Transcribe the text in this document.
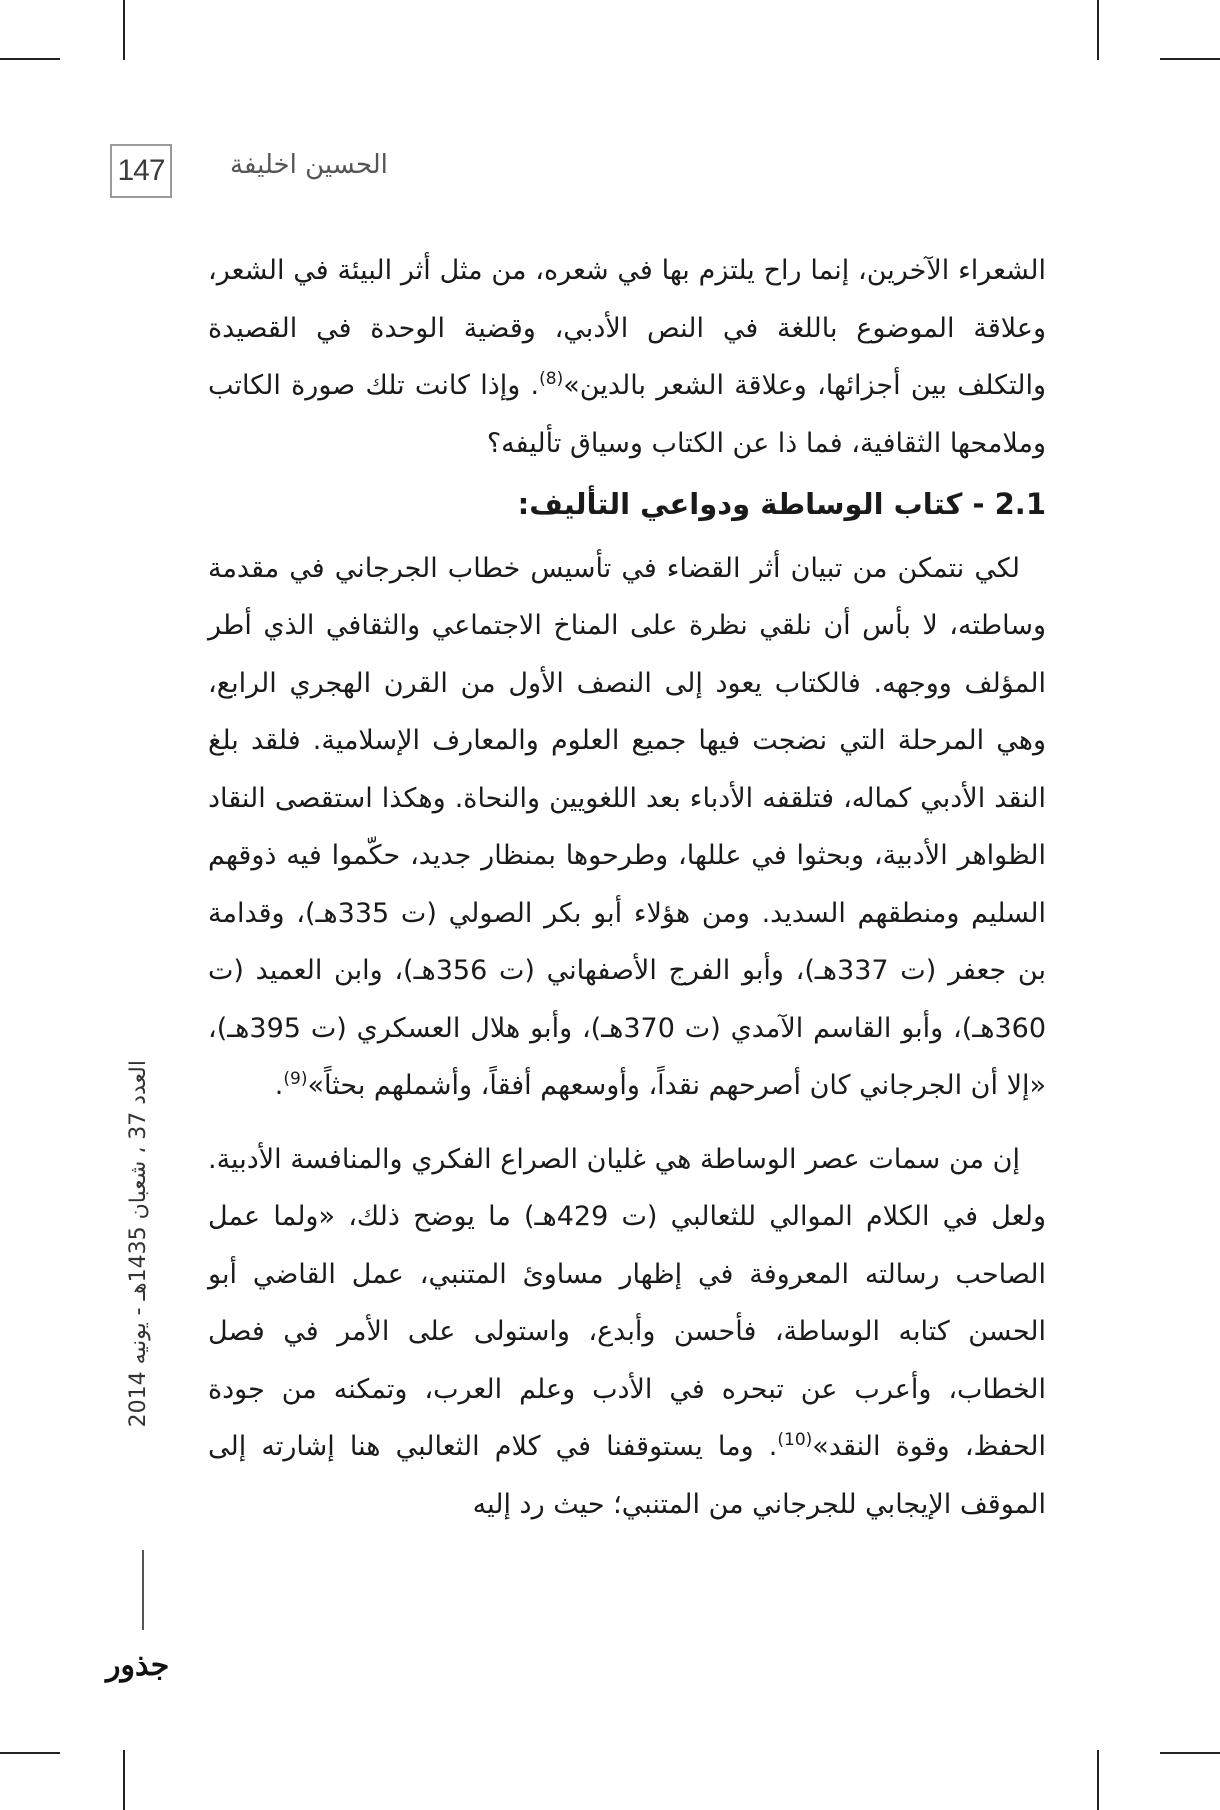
147	الحسين اخليفة

الشعراء الآخرين، إنما راح يلتزم بها في شعره، من مثل أثر البيئة في الشعر، وعلاقة الموضوع باللغة في النص الأدبي، وقضية الوحدة في القصيدة والتكلف بين أجزائها، وعلاقة الشعر بالدين»$^{(8)}$. وإذا كانت تلك صورة الكاتب وملامحها الثقافية، فما ذا عن الكتاب وسياق تأليفه؟

2.1 - كتاب الوساطة ودواعي التأليف:

لكي نتمكن من تبيان أثر القضاء في تأسيس خطاب الجرجاني في مقدمة وساطته، لا بأس أن نلقي نظرة على المناخ الاجتماعي والثقافي الذي أطر المؤلف ووجهه. فالكتاب يعود إلى النصف الأول من القرن الهجري الرابع، وهي المرحلة التي نضجت فيها جميع العلوم والمعارف الإسلامية. فلقد بلغ النقد الأدبي كماله، فتلقفه الأدباء بعد اللغويين والنحاة. وهكذا استقصى النقاد الظواهر الأدبية، وبحثوا في عللها، وطرحوها بمنظار جديد، حكّموا فيه ذوقهم السليم ومنطقهم السديد. ومن هؤلاء أبو بكر الصولي (ت 335هـ)، وقدامة بن جعفر (ت 337هـ)، وأبو الفرج الأصفهاني (ت 356هـ)، وابن العميد (ت 360هـ)، وأبو القاسم الآمدي (ت 370هـ)، وأبو هلال العسكري (ت 395هـ)، «إلا أن الجرجاني كان أصرحهم نقداً، وأوسعهم أفقاً، وأشملهم بحثاً»$^{(9)}$.

إن من سمات عصر الوساطة هي غليان الصراع الفكري والمنافسة الأدبية. ولعل في الكلام الموالي للثعالبي (ت 429هـ) ما يوضح ذلك، «ولما عمل الصاحب رسالته المعروفة في إظهار مساوئ المتنبي، عمل القاضي أبو الحسن كتابه الوساطة، فأحسن وأبدع، واستولى على الأمر في فصل الخطاب، وأعرب عن تبحره في الأدب وعلم العرب، وتمكنه من جودة الحفظ، وقوة النقد»$^{(10)}$. وما يستوقفنا في كلام الثعالبي هنا إشارته إلى الموقف الإيجابي للجرجاني من المتنبي؛ حيث رد إليه

العدد 37 ، شعبان 1435هـ - يونيه 2014
جذور
